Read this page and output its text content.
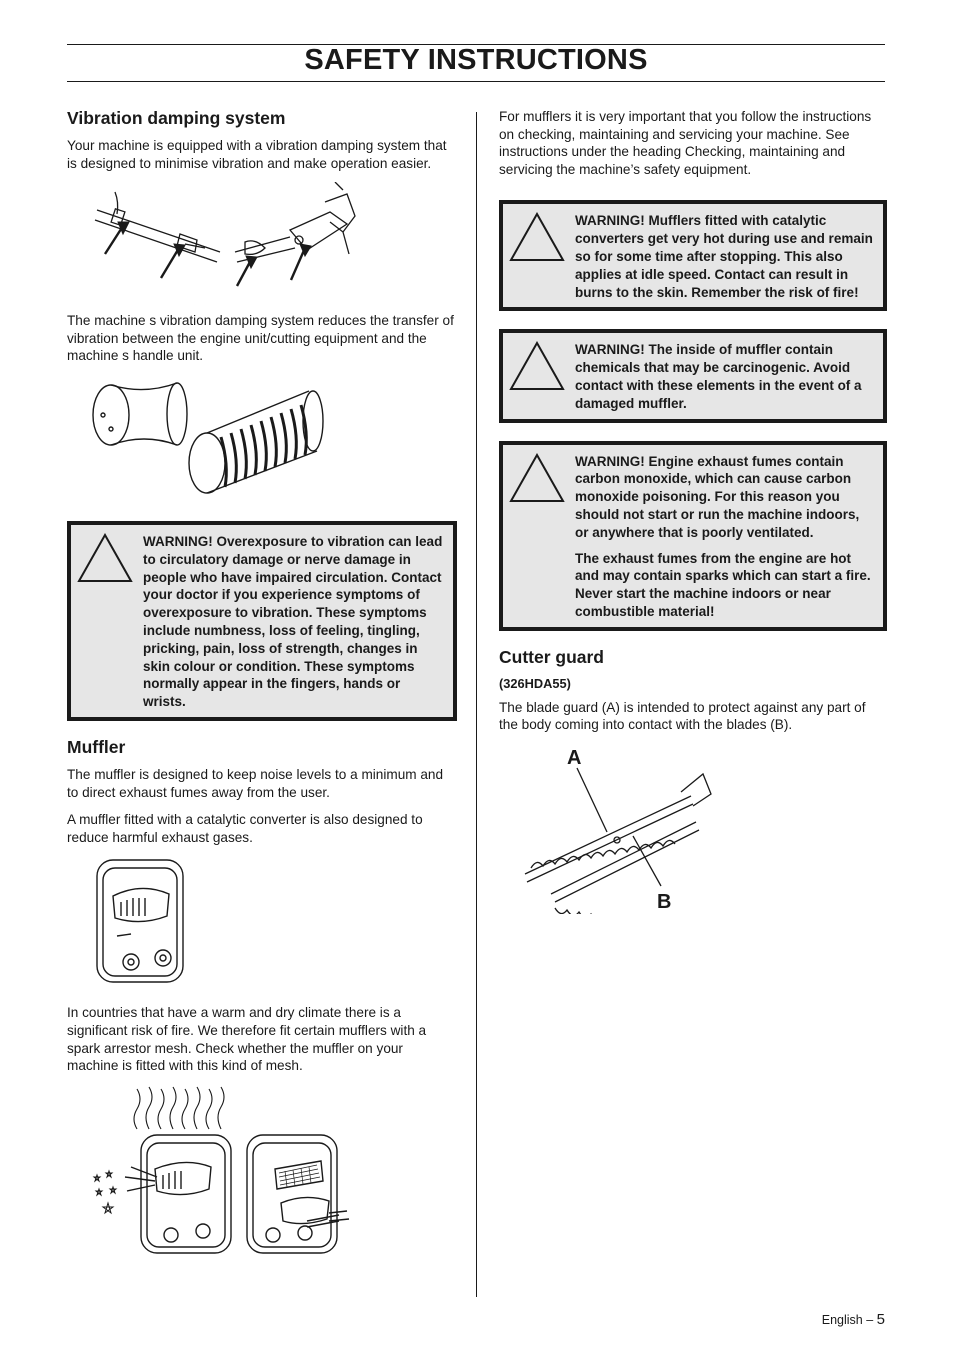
SAFETY INSTRUCTIONS
Vibration damping system

Your machine is equipped with a vibration damping system that is designed to minimise vibration and make operation easier.

The machine s vibration damping system reduces the transfer of vibration between the engine unit/cutting equipment and the machine s handle unit.

WARNING! Overexposure to vibration can lead to circulatory damage or nerve damage in people who have impaired circulation. Contact your doctor if you experience symptoms of overexposure to vibration. These symptoms include numbness, loss of feeling, tingling, pricking, pain, loss of strength, changes in skin colour or condition. These symptoms normally appear in the fingers, hands or wrists.

Muffler

The muffler is designed to keep noise levels to a minimum and to direct exhaust fumes away from the user.

A muffler fitted with a catalytic converter is also designed to reduce harmful exhaust gases.

In countries that have a warm and dry climate there is a significant risk of fire. We therefore fit certain mufflers with a spark arrestor mesh. Check whether the muffler on your machine is fitted with this kind of mesh.

For mufflers it is very important that you follow the instructions on checking, maintaining and servicing your machine. See instructions under the heading Checking, maintaining and servicing the machine’s safety equipment.

WARNING! Mufflers fitted with catalytic converters get very hot during use and remain so for some time after stopping. This also applies at idle speed. Contact can result in burns to the skin. Remember the risk of fire!

WARNING! The inside of muffler contain chemicals that may be carcinogenic. Avoid contact with these elements in the event of a damaged muffler.

WARNING! Engine exhaust fumes contain carbon monoxide, which can cause carbon monoxide poisoning. For this reason you should not start or run the machine indoors, or anywhere that is poorly ventilated.

The exhaust fumes from the engine are hot and may contain sparks which can start a fire. Never start the machine indoors or near combustible material!

Cutter guard
(326HDA55)

The blade guard (A) is intended to protect against any part of the body coming into contact with the blades (B).

A
B
English – 5
